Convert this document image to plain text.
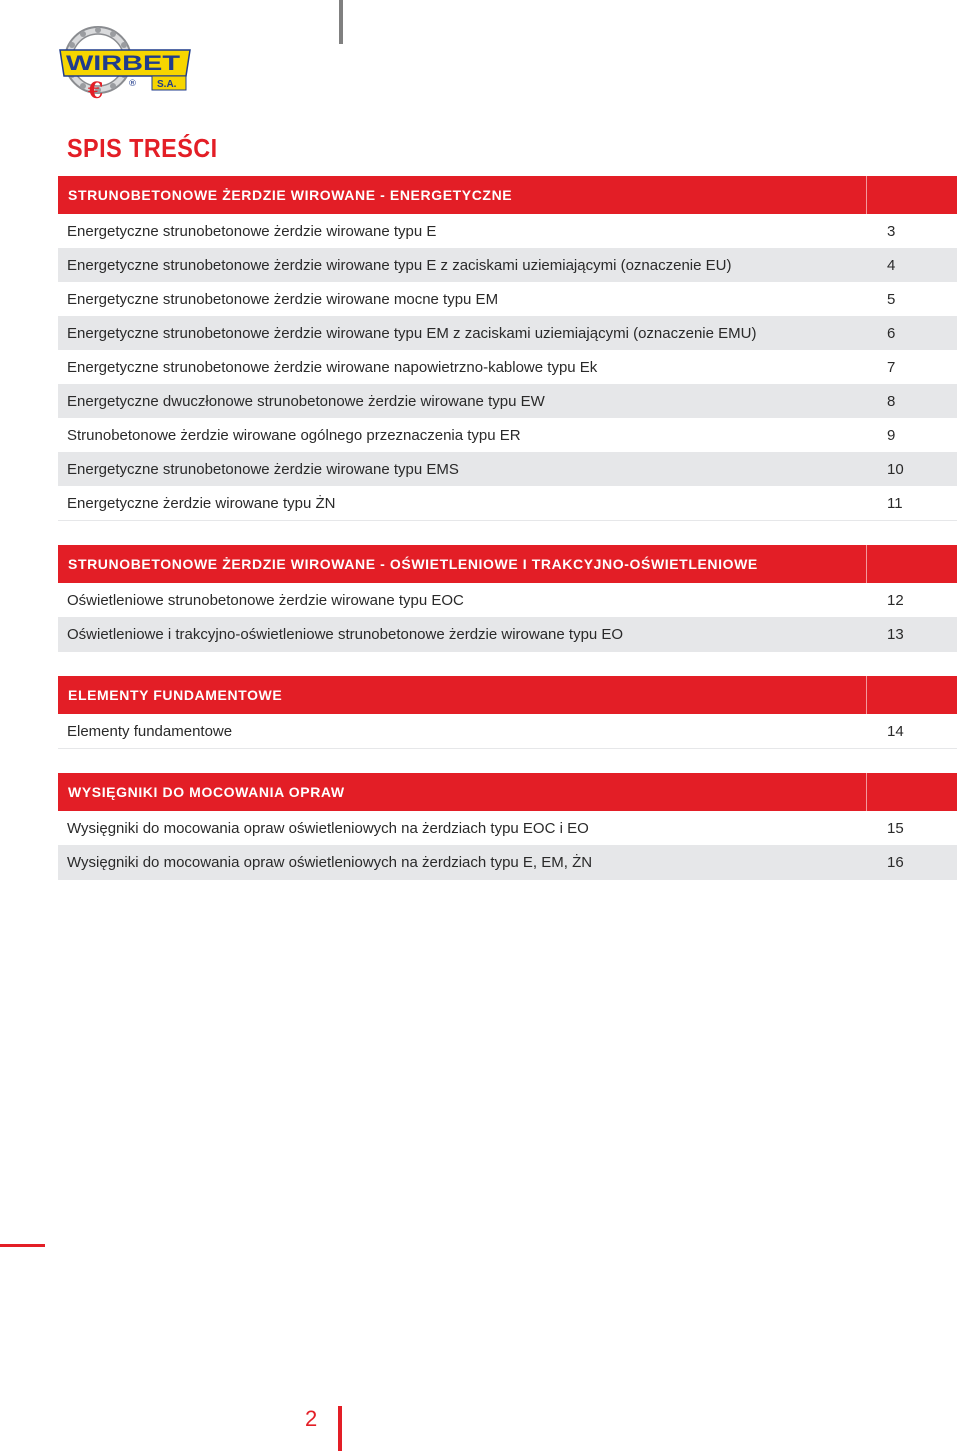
WIRBET
S.A.
®
€
SPIS TREŚCI
STRUNOBETONOWE ŻERDZIE WIROWANE - ENERGETYCZNE
Energetyczne strunobetonowe żerdzie wirowane typu E	3
Energetyczne strunobetonowe żerdzie wirowane typu E z zaciskami uziemiającymi (oznaczenie EU)	4
Energetyczne strunobetonowe żerdzie wirowane mocne typu EM	5
Energetyczne strunobetonowe żerdzie wirowane typu EM z zaciskami uziemiającymi (oznaczenie EMU)	6
Energetyczne strunobetonowe żerdzie wirowane napowietrzno-kablowe typu Ek	7
Energetyczne dwuczłonowe strunobetonowe żerdzie wirowane typu EW	8
Strunobetonowe żerdzie wirowane ogólnego przeznaczenia typu ER	9
Energetyczne strunobetonowe żerdzie wirowane typu EMS	10
Energetyczne żerdzie wirowane typu ŻN	11
STRUNOBETONOWE ŻERDZIE WIROWANE - OŚWIETLENIOWE I TRAKCYJNO-OŚWIETLENIOWE
Oświetleniowe strunobetonowe żerdzie wirowane typu EOC	12
Oświetleniowe i trakcyjno-oświetleniowe strunobetonowe żerdzie wirowane typu EO	13
ELEMENTY FUNDAMENTOWE
Elementy fundamentowe	14
WYSIĘGNIKI DO MOCOWANIA OPRAW
Wysięgniki do mocowania opraw oświetleniowych na żerdziach typu EOC i EO	15
Wysięgniki do mocowania opraw oświetleniowych na żerdziach typu E, EM, ŻN	16

2
